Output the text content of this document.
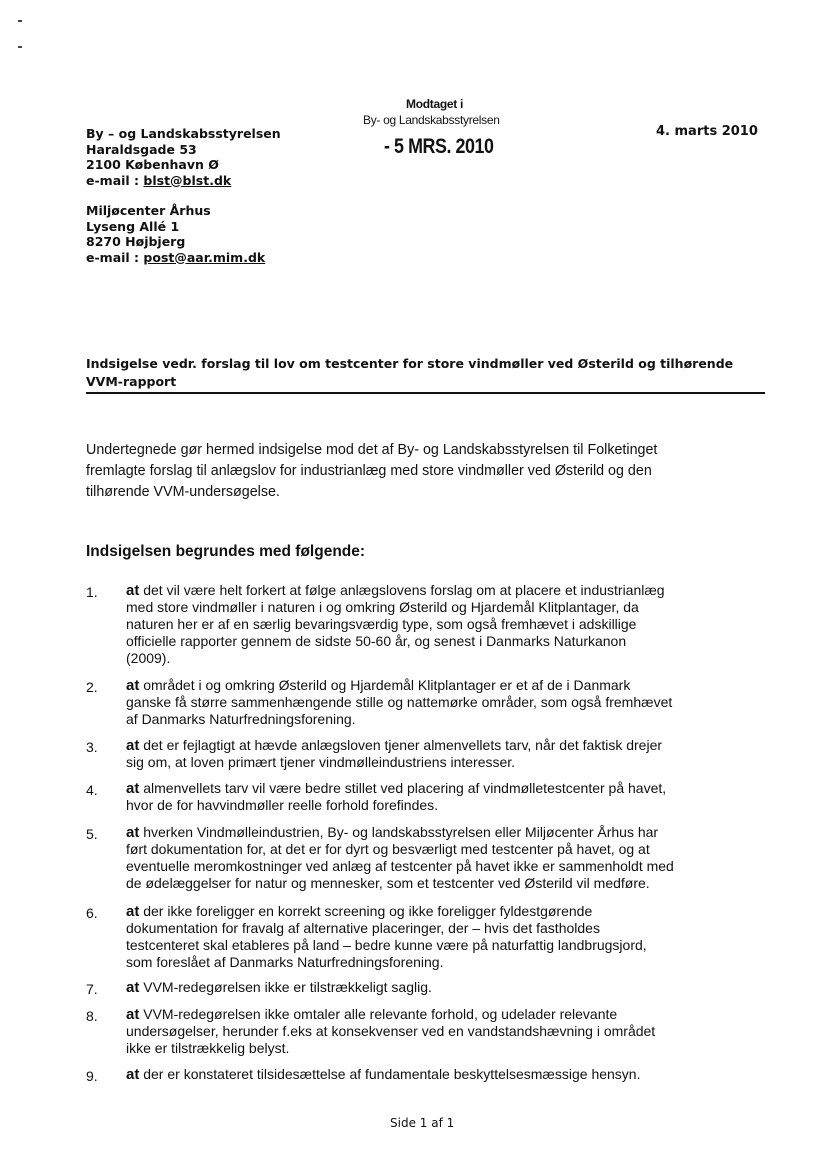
Modtaget i
By- og Landskabsstyrelsen
- 5 MRS. 2010
4. marts 2010
By – og Landskabsstyrelsen
Haraldsgade 53
2100 København Ø
e-mail : blst@blst.dk
Miljøcenter Århus
Lyseng Allé 1
8270 Højbjerg
e-mail : post@aar.mim.dk
Indsigelse vedr. forslag til lov om testcenter for store vindmøller ved Østerild og tilhørende
VVM-rapport
Undertegnede gør hermed indsigelse mod det af By- og Landskabsstyrelsen til Folketinget
fremlagte forslag til anlægslov for industrianlæg med store vindmøller ved Østerild og den
tilhørende VVM-undersøgelse.
Indsigelsen begrundes med følgende:
1. at det vil være helt forkert at følge anlægslovens forslag om at placere et industrianlæg
med store vindmøller i naturen i og omkring Østerild og Hjardemål Klitplantager, da
naturen her er af en særlig bevaringsværdig type, som også fremhævet i adskillige
officielle rapporter gennem de sidste 50-60 år, og senest i Danmarks Naturkanon
(2009).
2. at området i og omkring Østerild og Hjardemål Klitplantager er et af de i Danmark
ganske få større sammenhængende stille og nattemørke områder, som også fremhævet
af Danmarks Naturfredningsforening.
3. at det er fejlagtigt at hævde anlægsloven tjener almenvellets tarv, når det faktisk drejer
sig om, at loven primært tjener vindmølleindustriens interesser.
4. at almenvellets tarv vil være bedre stillet ved placering af vindmølletestcenter på havet,
hvor de for havvindmøller reelle forhold forefindes.
5. at hverken Vindmølleindustrien, By- og landskabsstyrelsen eller Miljøcenter Århus har
ført dokumentation for, at det er for dyrt og besværligt med testcenter på havet, og at
eventuelle meromkostninger ved anlæg af testcenter på havet ikke er sammenholdt med
de ødelæggelser for natur og mennesker, som et testcenter ved Østerild vil medføre.
6. at der ikke foreligger en korrekt screening og ikke foreligger fyldestgørende
dokumentation for fravalg af alternative placeringer, der – hvis det fastholdes
testcenteret skal etableres på land – bedre kunne være på naturfattig landbrugsjord,
som foreslået af Danmarks Naturfredningsforening.
7. at VVM-redegørelsen ikke er tilstrækkeligt saglig.
8. at VVM-redegørelsen ikke omtaler alle relevante forhold, og udelader relevante
undersøgelser, herunder f.eks at konsekvenser ved en vandstandshævning i området
ikke er tilstrækkelig belyst.
9. at der er konstateret tilsidesættelse af fundamentale beskyttelsesmæssige hensyn.
Side 1 af 1
